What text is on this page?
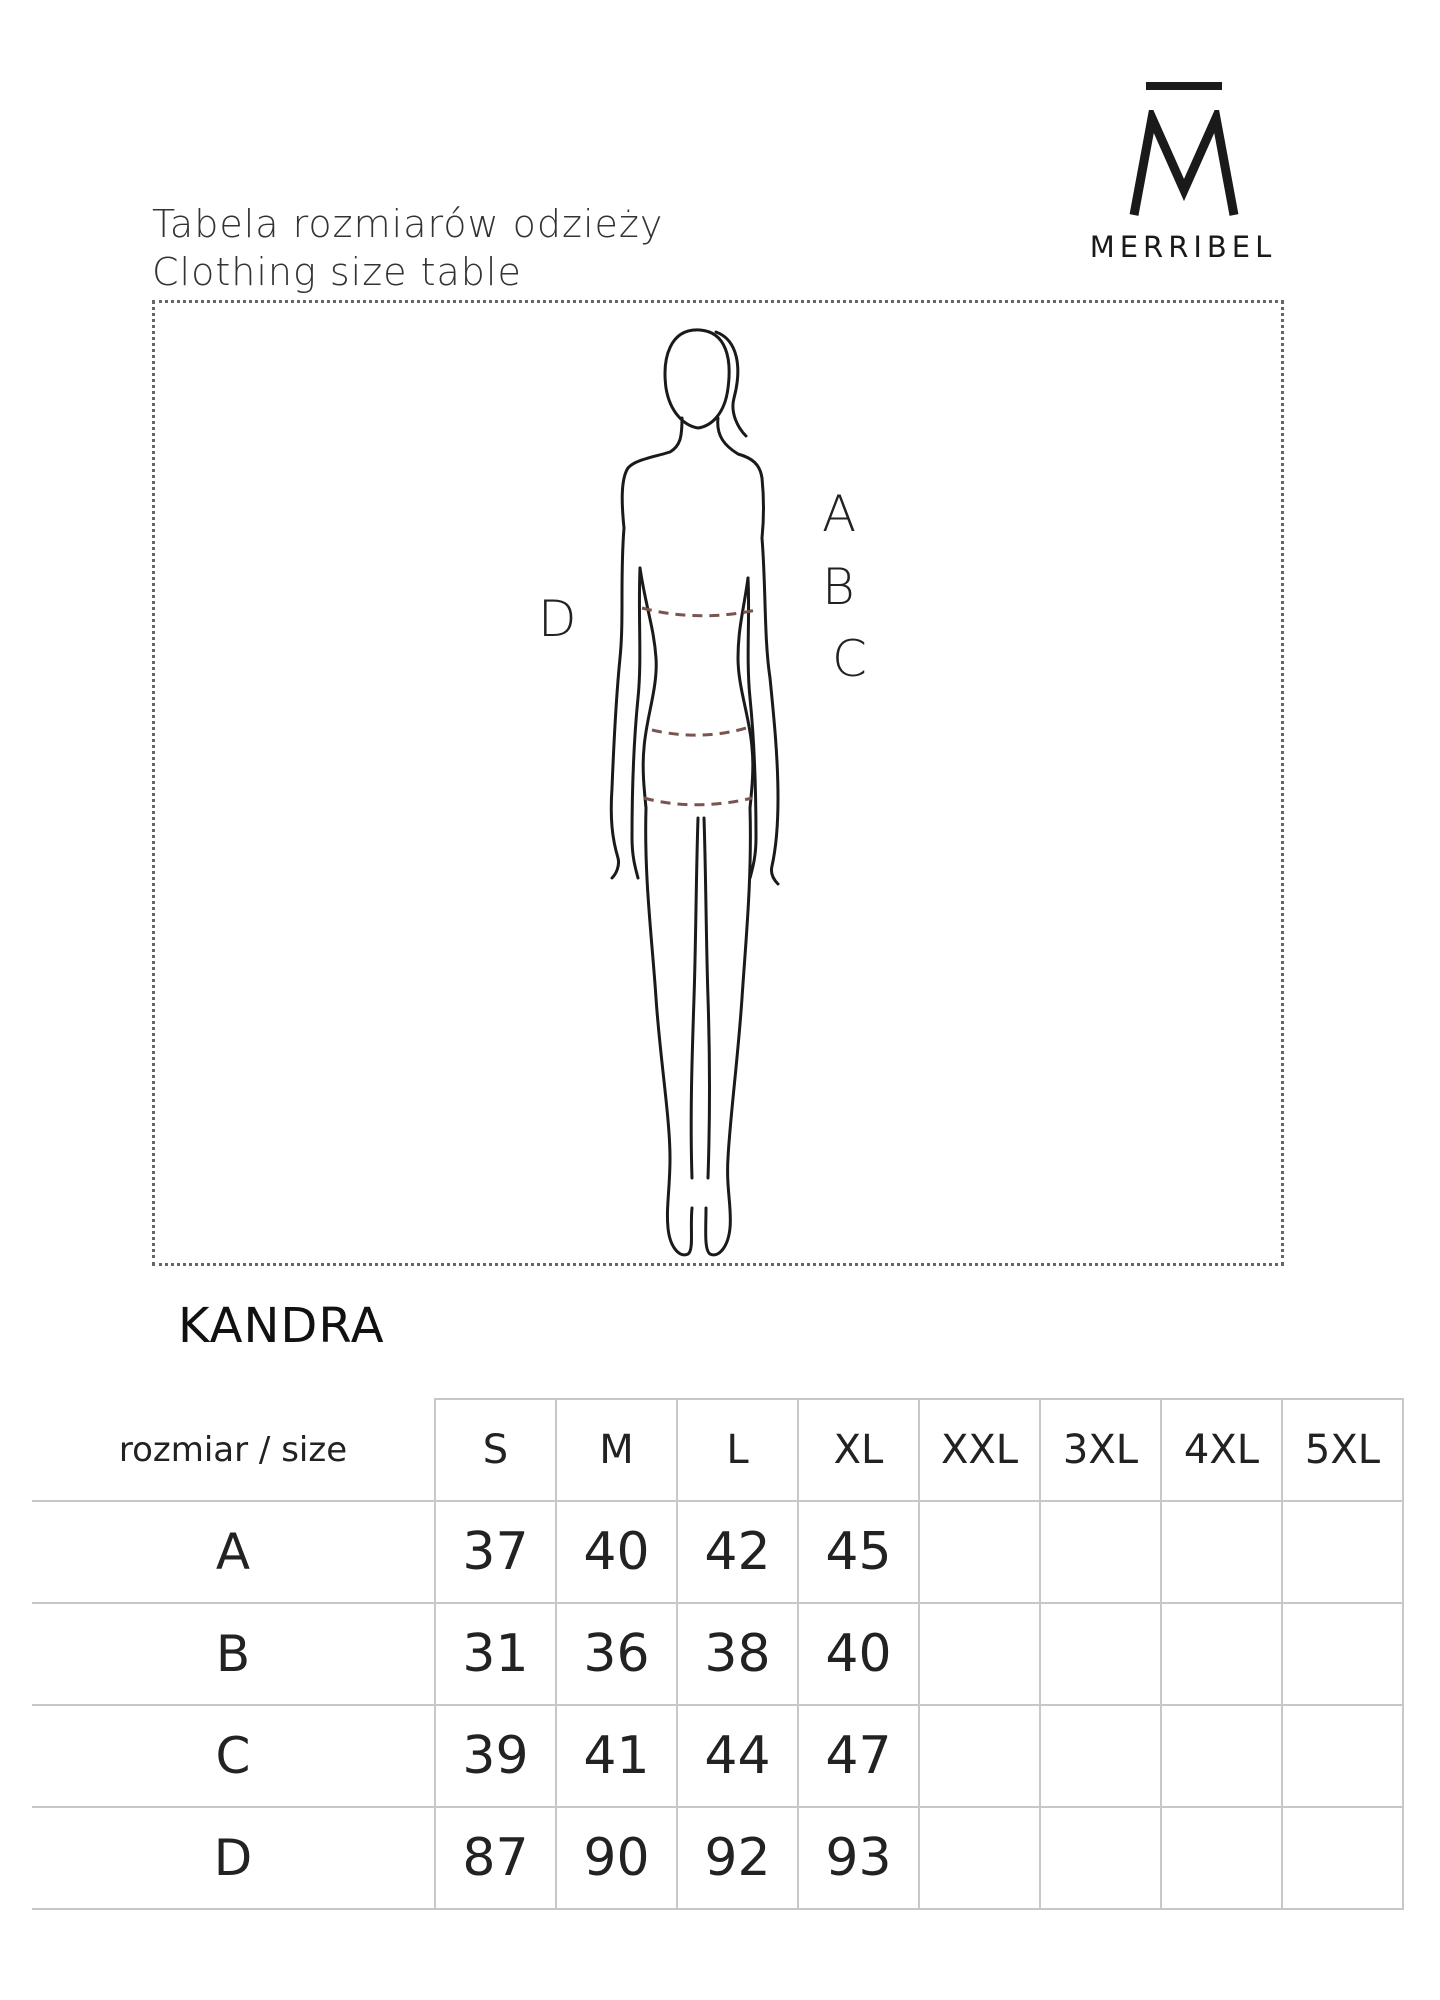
Tabela rozmiarów odzieży
Clothing size table
MERRIBEL
A
B
C
D
KANDRA
rozmiar / size	S	M	L	XL	XXL	3XL	4XL	5XL
A	37	40	42	45				
B	31	36	38	40				
C	39	41	44	47				
D	87	90	92	93				
